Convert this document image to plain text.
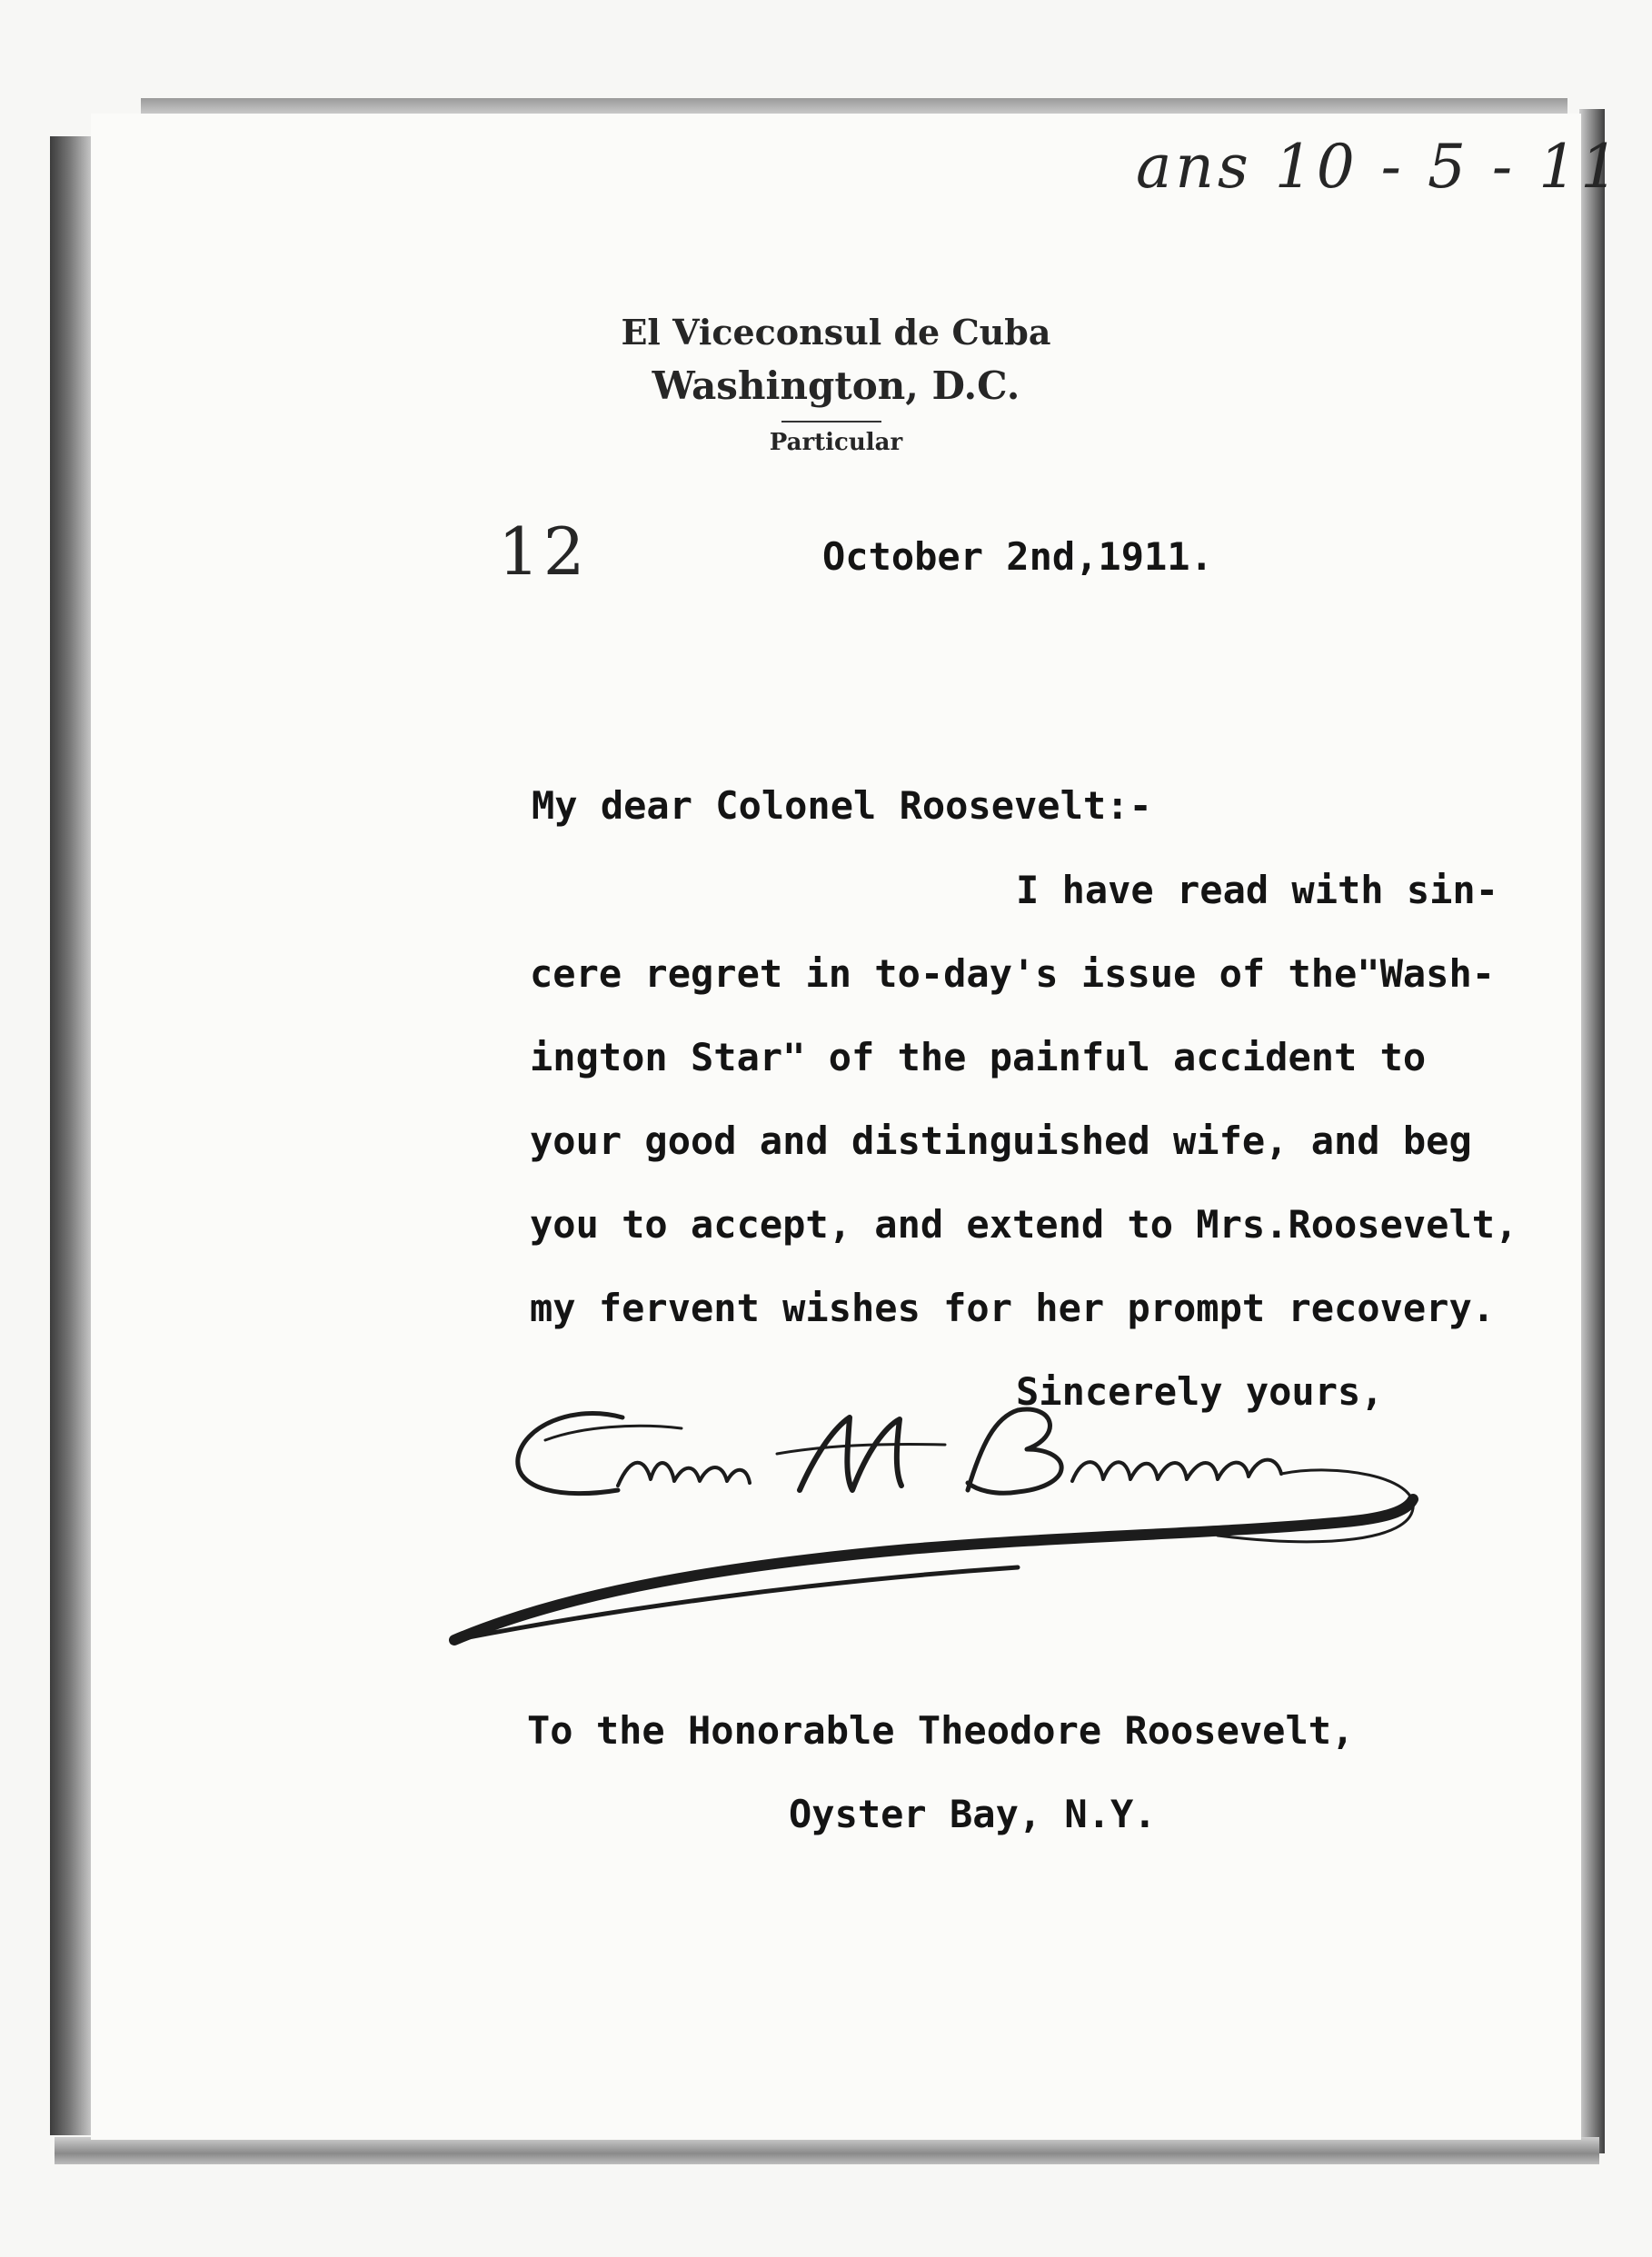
ans 10 - 5 - 11
El Viceconsul de Cuba
Washington, D.C.
Particular
12	October 2nd,1911.
My dear Colonel Roosevelt:-
I have read with sin-
cere regret in to-day's issue of the"Wash-
ington Star" of the painful accident to
your good and distinguished wife, and beg
you to accept, and extend to Mrs.Roosevelt,
my fervent wishes for her prompt recovery.
Sincerely yours,
To the Honorable Theodore Roosevelt,
Oyster Bay, N.Y.
